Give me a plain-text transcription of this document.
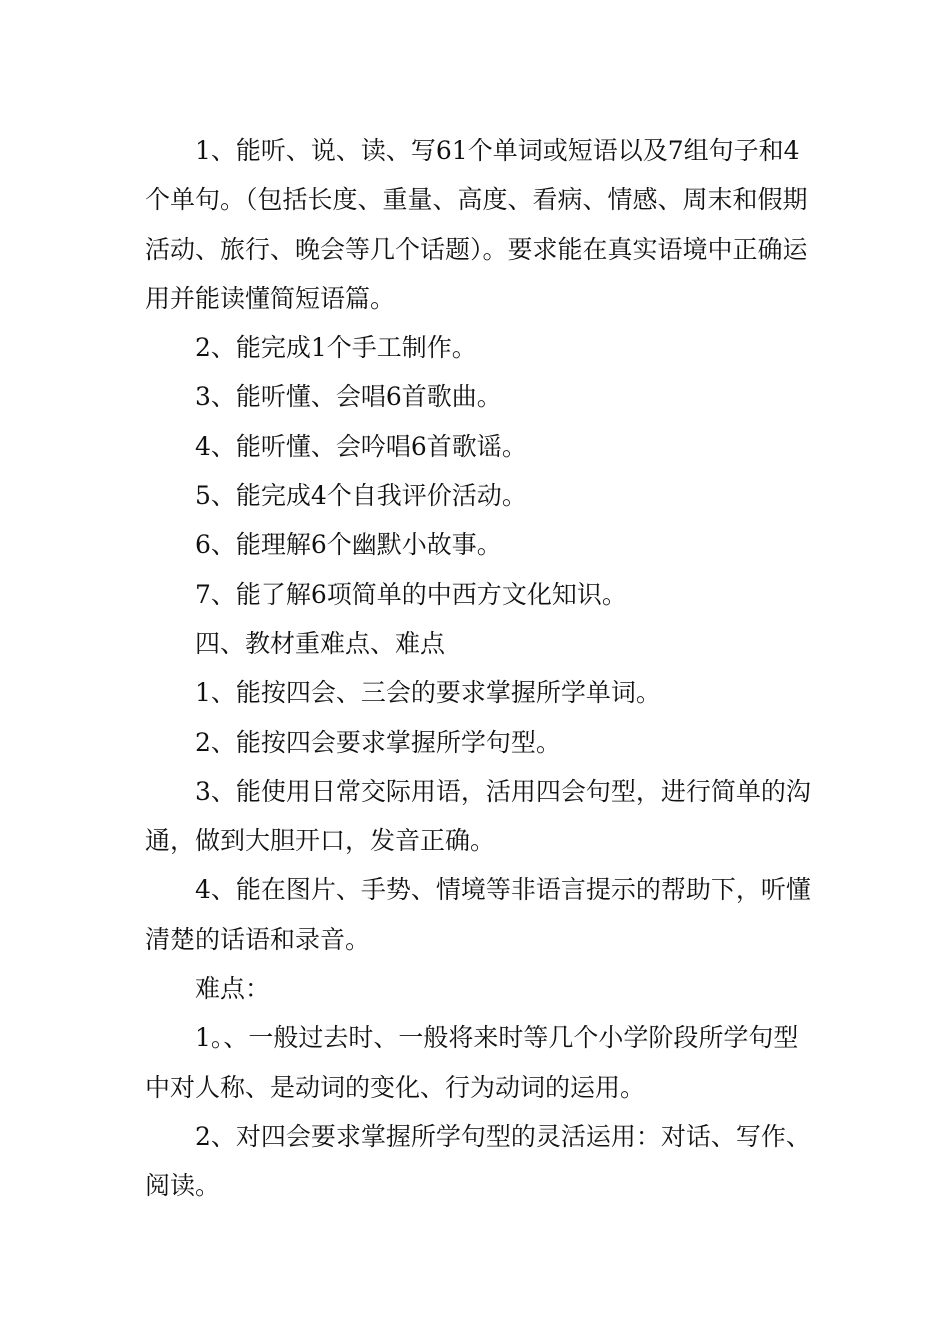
1、能听、说、读、写61个单词或短语以及7组句子和4个单句。（包括长度、重量、高度、看病、情感、周末和假期活动、旅行、晚会等几个话题）。要求能在真实语境中正确运用并能读懂简短语篇。

2、能完成1个手工制作。

3、能听懂、会唱6首歌曲。

4、能听懂、会吟唱6首歌谣。

5、能完成4个自我评价活动。

6、能理解6个幽默小故事。

7、能了解6项简单的中西方文化知识。

四、教材重难点、难点

1、能按四会、三会的要求掌握所学单词。

2、能按四会要求掌握所学句型。

3、能使用日常交际用语，活用四会句型，进行简单的沟通，做到大胆开口，发音正确。

4、能在图片、手势、情境等非语言提示的帮助下，听懂清楚的话语和录音。

难点：

1。、一般过去时、一般将来时等几个小学阶段所学句型中对人称、是动词的变化、行为动词的运用。

2、对四会要求掌握所学句型的灵活运用：对话、写作、阅读。
